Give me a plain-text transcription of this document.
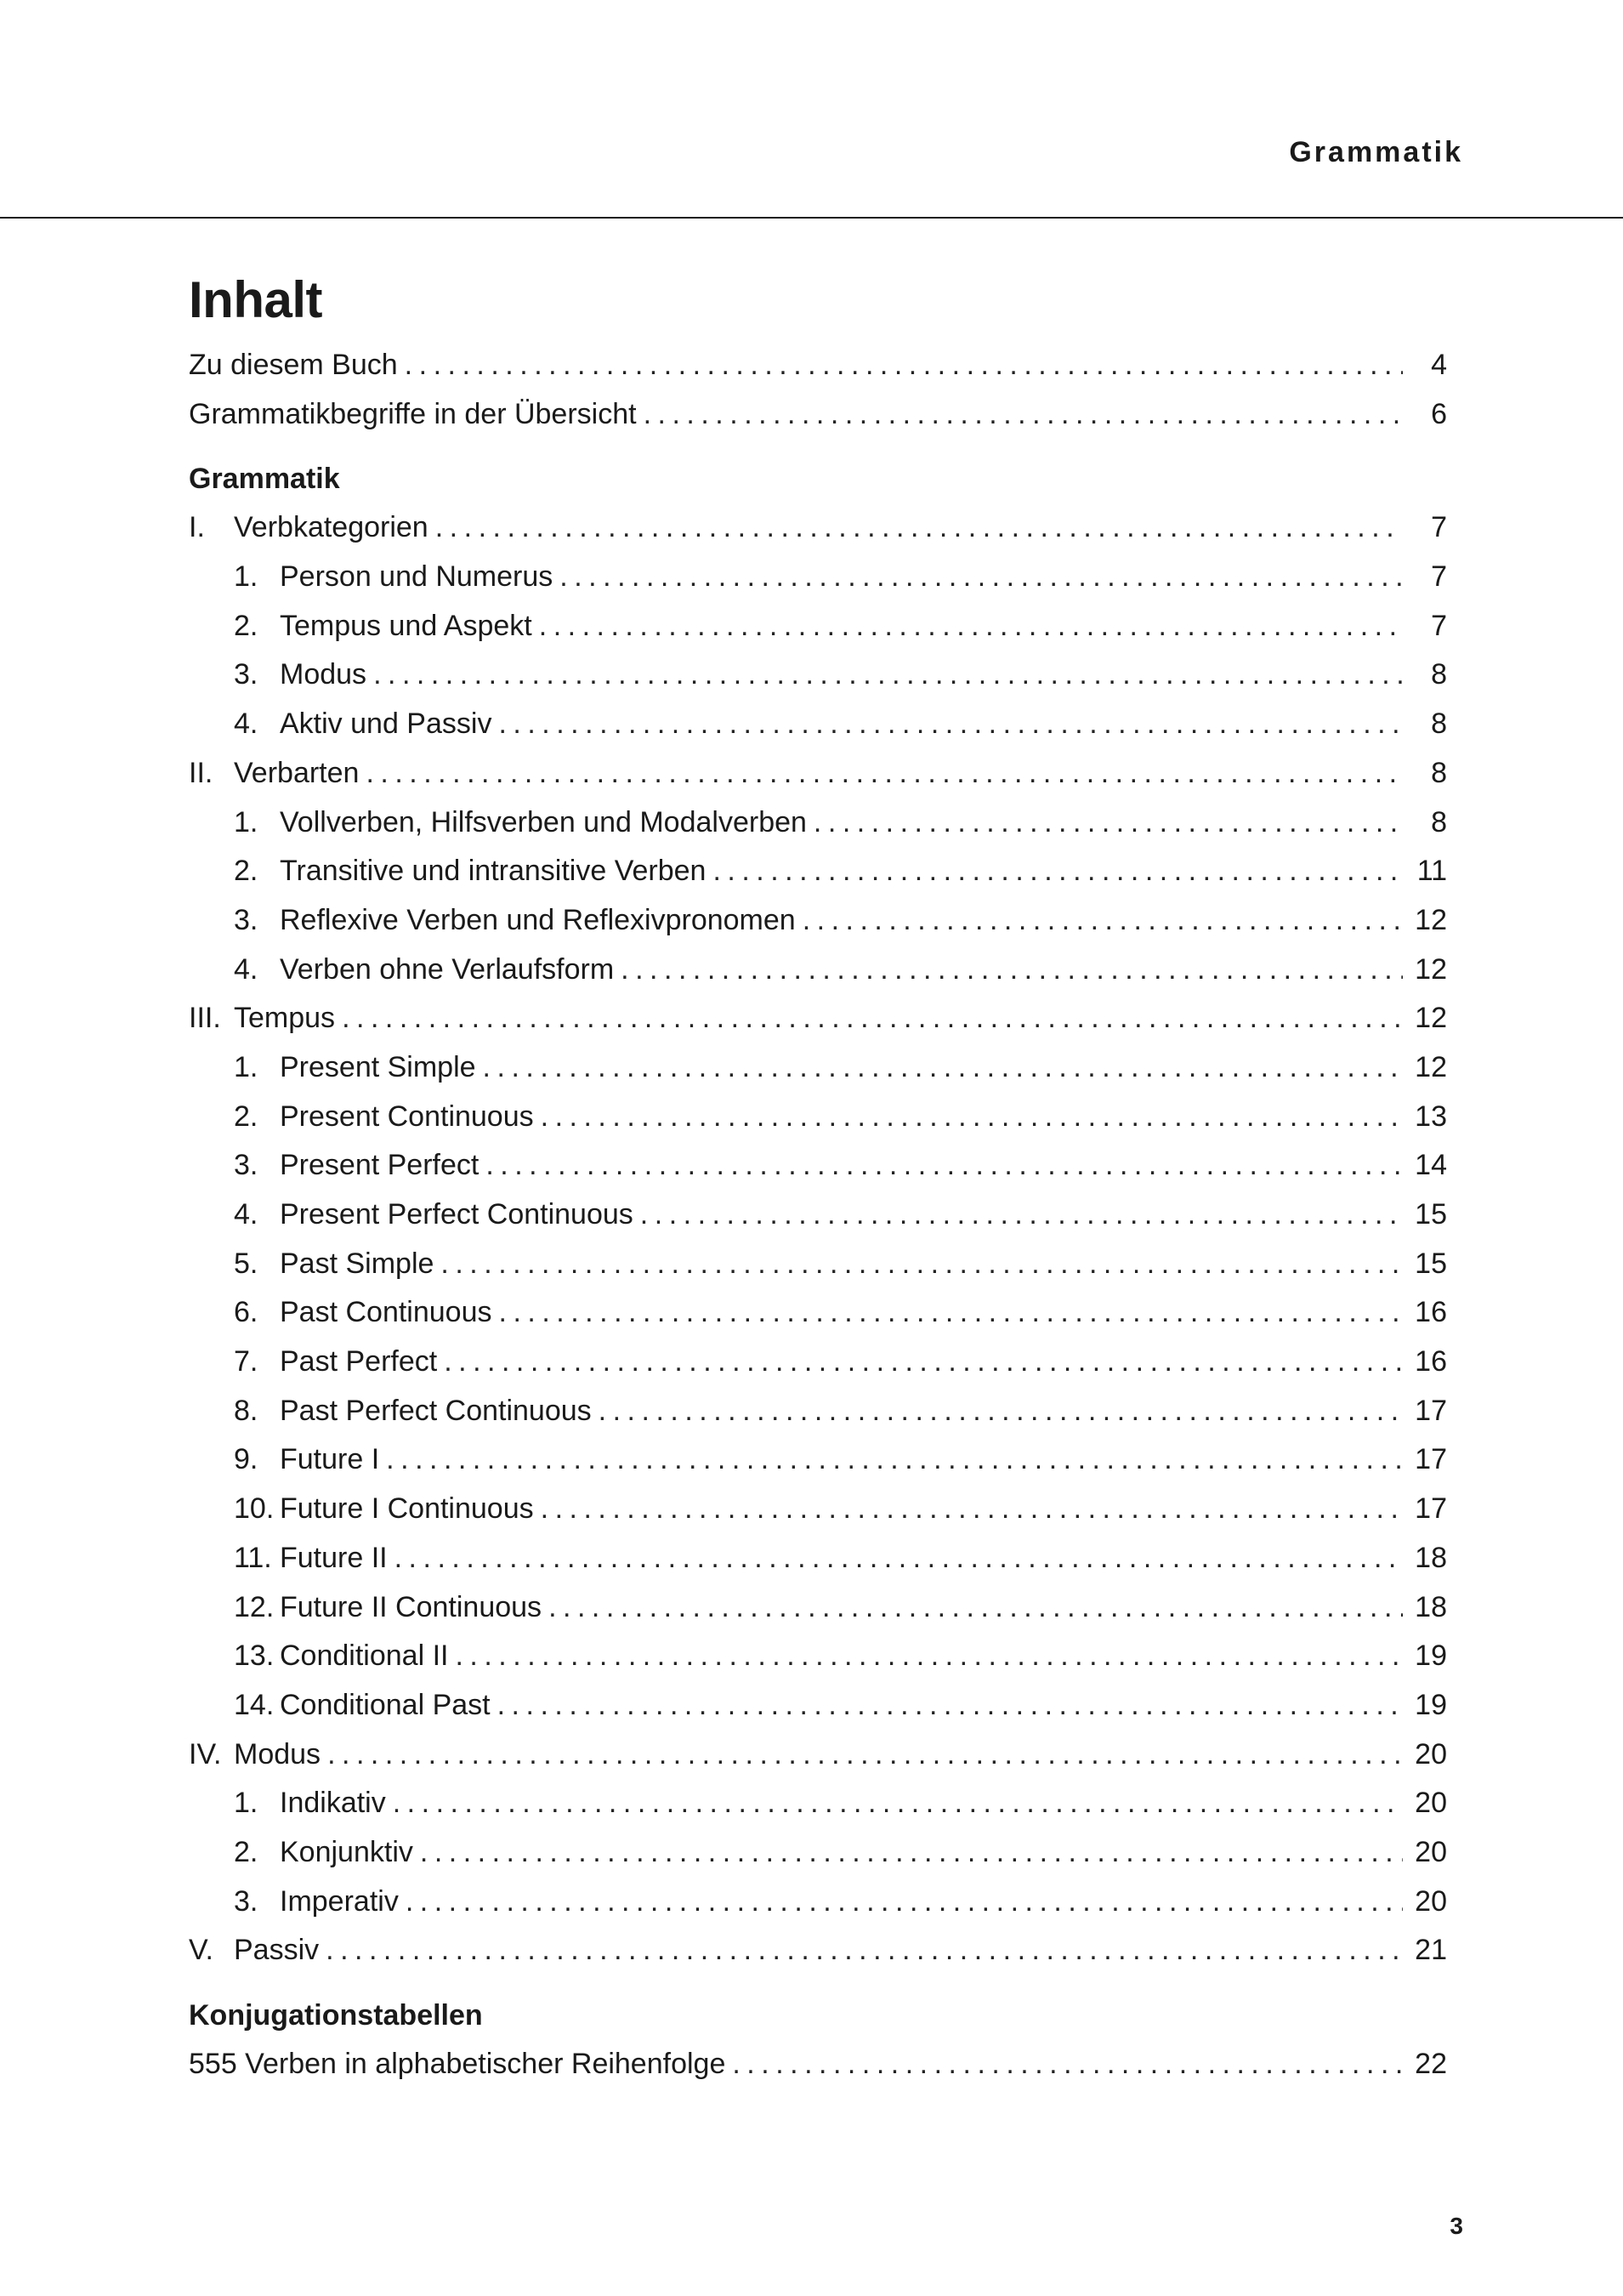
Grammatik
Inhalt
Zu diesem Buch .....	4
Grammatikbegriffe in der Übersicht .....	6
Grammatik
I.	Verbkategorien .....	7
1. Person und Numerus .....	7
2. Tempus und Aspekt .....	7
3. Modus .....	8
4. Aktiv und Passiv .....	8
II. Verbarten .....	8
1. Vollverben, Hilfsverben und Modalverben .....	8
2. Transitive und intransitive Verben .....	11
3. Reflexive Verben und Reflexivpronomen .....	12
4. Verben ohne Verlaufsform .....	12
III. Tempus .....	12
1. Present Simple .....	12
2. Present Continuous .....	13
3. Present Perfect .....	14
4. Present Perfect Continuous .....	15
5. Past Simple .....	15
6. Past Continuous .....	16
7. Past Perfect .....	16
8. Past Perfect Continuous .....	17
9. Future I .....	17
10. Future I Continuous .....	17
11. Future II .....	18
12. Future II Continuous .....	18
13. Conditional II .....	19
14. Conditional Past .....	19
IV. Modus .....	20
1. Indikativ .....	20
2. Konjunktiv .....	20
3. Imperativ .....	20
V. Passiv .....	21
Konjugationstabellen
555 Verben in alphabetischer Reihenfolge .....	22
3
